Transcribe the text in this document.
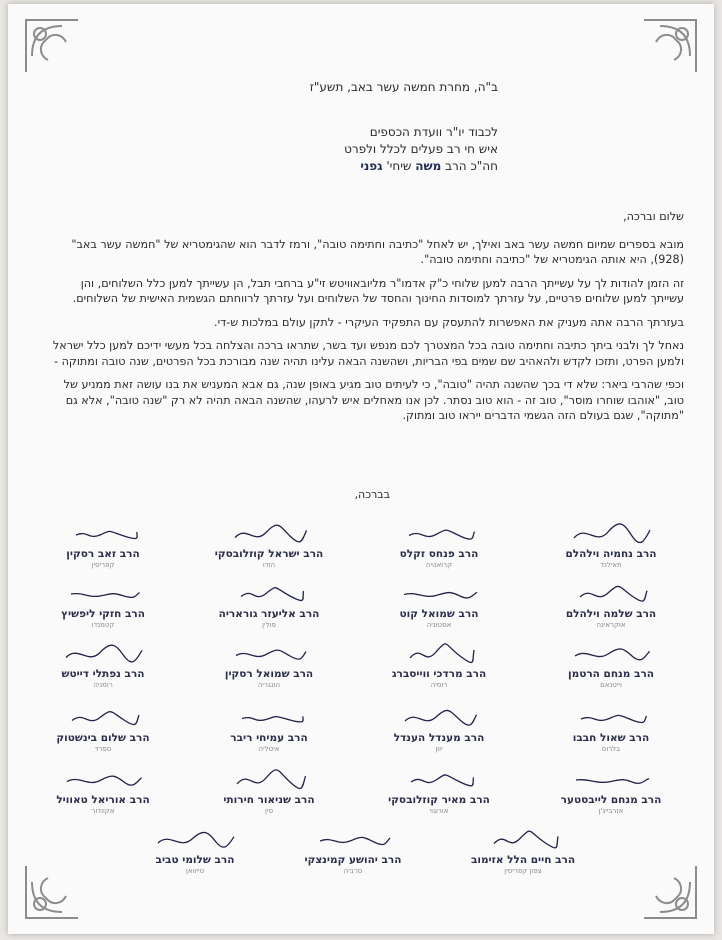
ב"ה, מחרת חמשה עשר באב, תשע"ז
לכבוד יו"ר וועדת הכספים
איש חי רב פעלים לכלל ולפרט
חה"כ הרב משה שיחי' גפני

שלום וברכה,

מובא בספרים שמיום חמשה עשר באב ואילך, יש לאחל "כתיבה וחתימה טובה", ורמז לדבר הוא שהגימטריא של "חמשה עשר באב" (928), היא אותה הגימטריא של "כתיבה וחתימה טובה".

זה הזמן להודות לך על עשייתך הרבה למען שלוחי כ"ק אדמו"ר מליובאוויטש זי"ע ברחבי תבל, הן עשייתך למען כלל השלוחים, והן עשייתך למען שלוחים פרטיים, על עזרתך למוסדות החינוך והחסד של השלוחים ועל עזרתך לרווחתם הגשמית האישית של השלוחים.

בעזרתך הרבה אתה מעניק את האפשרות להתעסק עם התפקיד העיקרי - לתקן עולם במלכות ש-די.

נאחל לך ולבני ביתך כתיבה וחתימה טובה בכל המצטרך לכם מנפש ועד בשר, שתראו ברכה והצלחה בכל מעשי ידיכם למען כלל ישראל ולמען הפרט, ותזכו לקדש ולהאהיב שם שמים בפי הבריות, ושהשנה הבאה עלינו תהיה שנה מבורכת בכל הפרטים, שנה טובה ומתוקה -

וכפי שהרבי ביאר: שלא די בכך שהשנה תהיה "טובה", כי לעיתים טוב מגיע באופן שנה, גם אבא המעניש את בנו עושה זאת ממניע של טוב, "אוהבו שוחרו מוסר", טוב זה - הוא טוב נסתר. לכן אנו מאחלים איש לרעהו, שהשנה הבאה תהיה לא רק "שנה טובה", אלא גם "מתוקה", שגם בעולם הזה הגשמי הדברים ייראו טוב ומתוק.

בברכה,
הרב נחמיה וילהלם
תאילנד
הרב פנחס זקלס
קרואטיה
הרב ישראל קוזלובסקי
הודו
הרב זאב רסקין
קפריסין
הרב שלמה וילהלם
אוקראינה
הרב שמואל קוט
אסטוניה
הרב אליעזר גוראריה
פולין
הרב חזקי ליפשיץ
קטמנדו
הרב מנחם הרטמן
וייטנאם
הרב מרדכי ווייסברג
רוסיה
הרב שמואל רסקין
הונגריה
הרב נפתלי דייטש
רומניה
הרב שאול חבבו
בלרוס
הרב מענדל הענדל
יוון
הרב עמיחי ריבר
איטליה
הרב שלום בינשטוק
ספרד
הרב מנחם לייבסטער
אזרבייג'ן
הרב מאיר קוזלובסקי
אורוגוי
הרב שניאור חירותי
סין
הרב אוריאל טאוויל
אקוודור
הרב חיים הלל אזימוב
צפון קפריסין
הרב יהושע קמינצקי
סרביה
הרב שלומי טביב
טייוואן
